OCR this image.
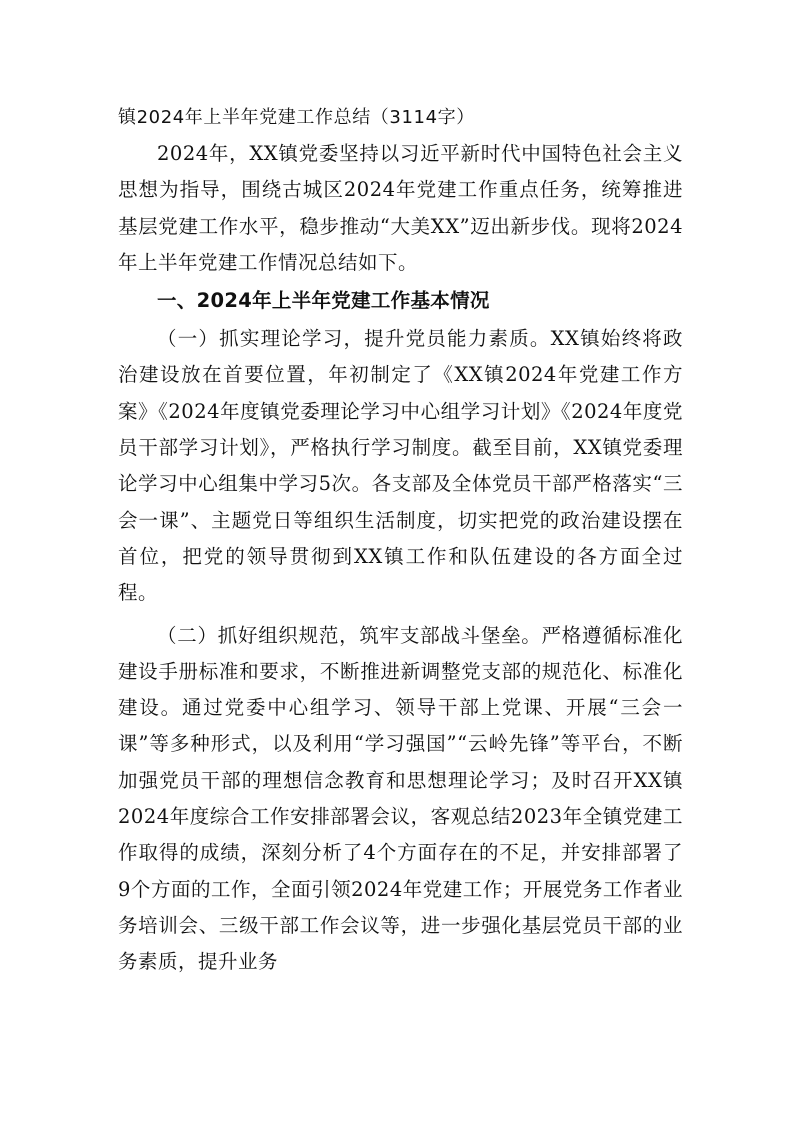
镇2024年上半年党建工作总结（3114字）

2024年，XX镇党委坚持以习近平新时代中国特色社会主义思想为指导，围绕古城区2024年党建工作重点任务，统筹推进基层党建工作水平，稳步推动“大美XX”迈出新步伐。现将2024年上半年党建工作情况总结如下。

一、2024年上半年党建工作基本情况

（一）抓实理论学习，提升党员能力素质。XX镇始终将政治建设放在首要位置，年初制定了《XX镇2024年党建工作方案》《2024年度镇党委理论学习中心组学习计划》《2024年度党员干部学习计划》，严格执行学习制度。截至目前，XX镇党委理论学习中心组集中学习5次。各支部及全体党员干部严格落实“三会一课”、主题党日等组织生活制度，切实把党的政治建设摆在首位，把党的领导贯彻到XX镇工作和队伍建设的各方面全过程。

（二）抓好组织规范，筑牢支部战斗堡垒。严格遵循标准化建设手册标准和要求，不断推进新调整党支部的规范化、标准化建设。通过党委中心组学习、领导干部上党课、开展“三会一课”等多种形式，以及利用“学习强国”“云岭先锋”等平台，不断加强党员干部的理想信念教育和思想理论学习；及时召开XX镇2024年度综合工作安排部署会议，客观总结2023年全镇党建工作取得的成绩，深刻分析了4个方面存在的不足，并安排部署了9个方面的工作，全面引领2024年党建工作；开展党务工作者业务培训会、三级干部工作会议等，进一步强化基层党员干部的业务素质，提升业务
